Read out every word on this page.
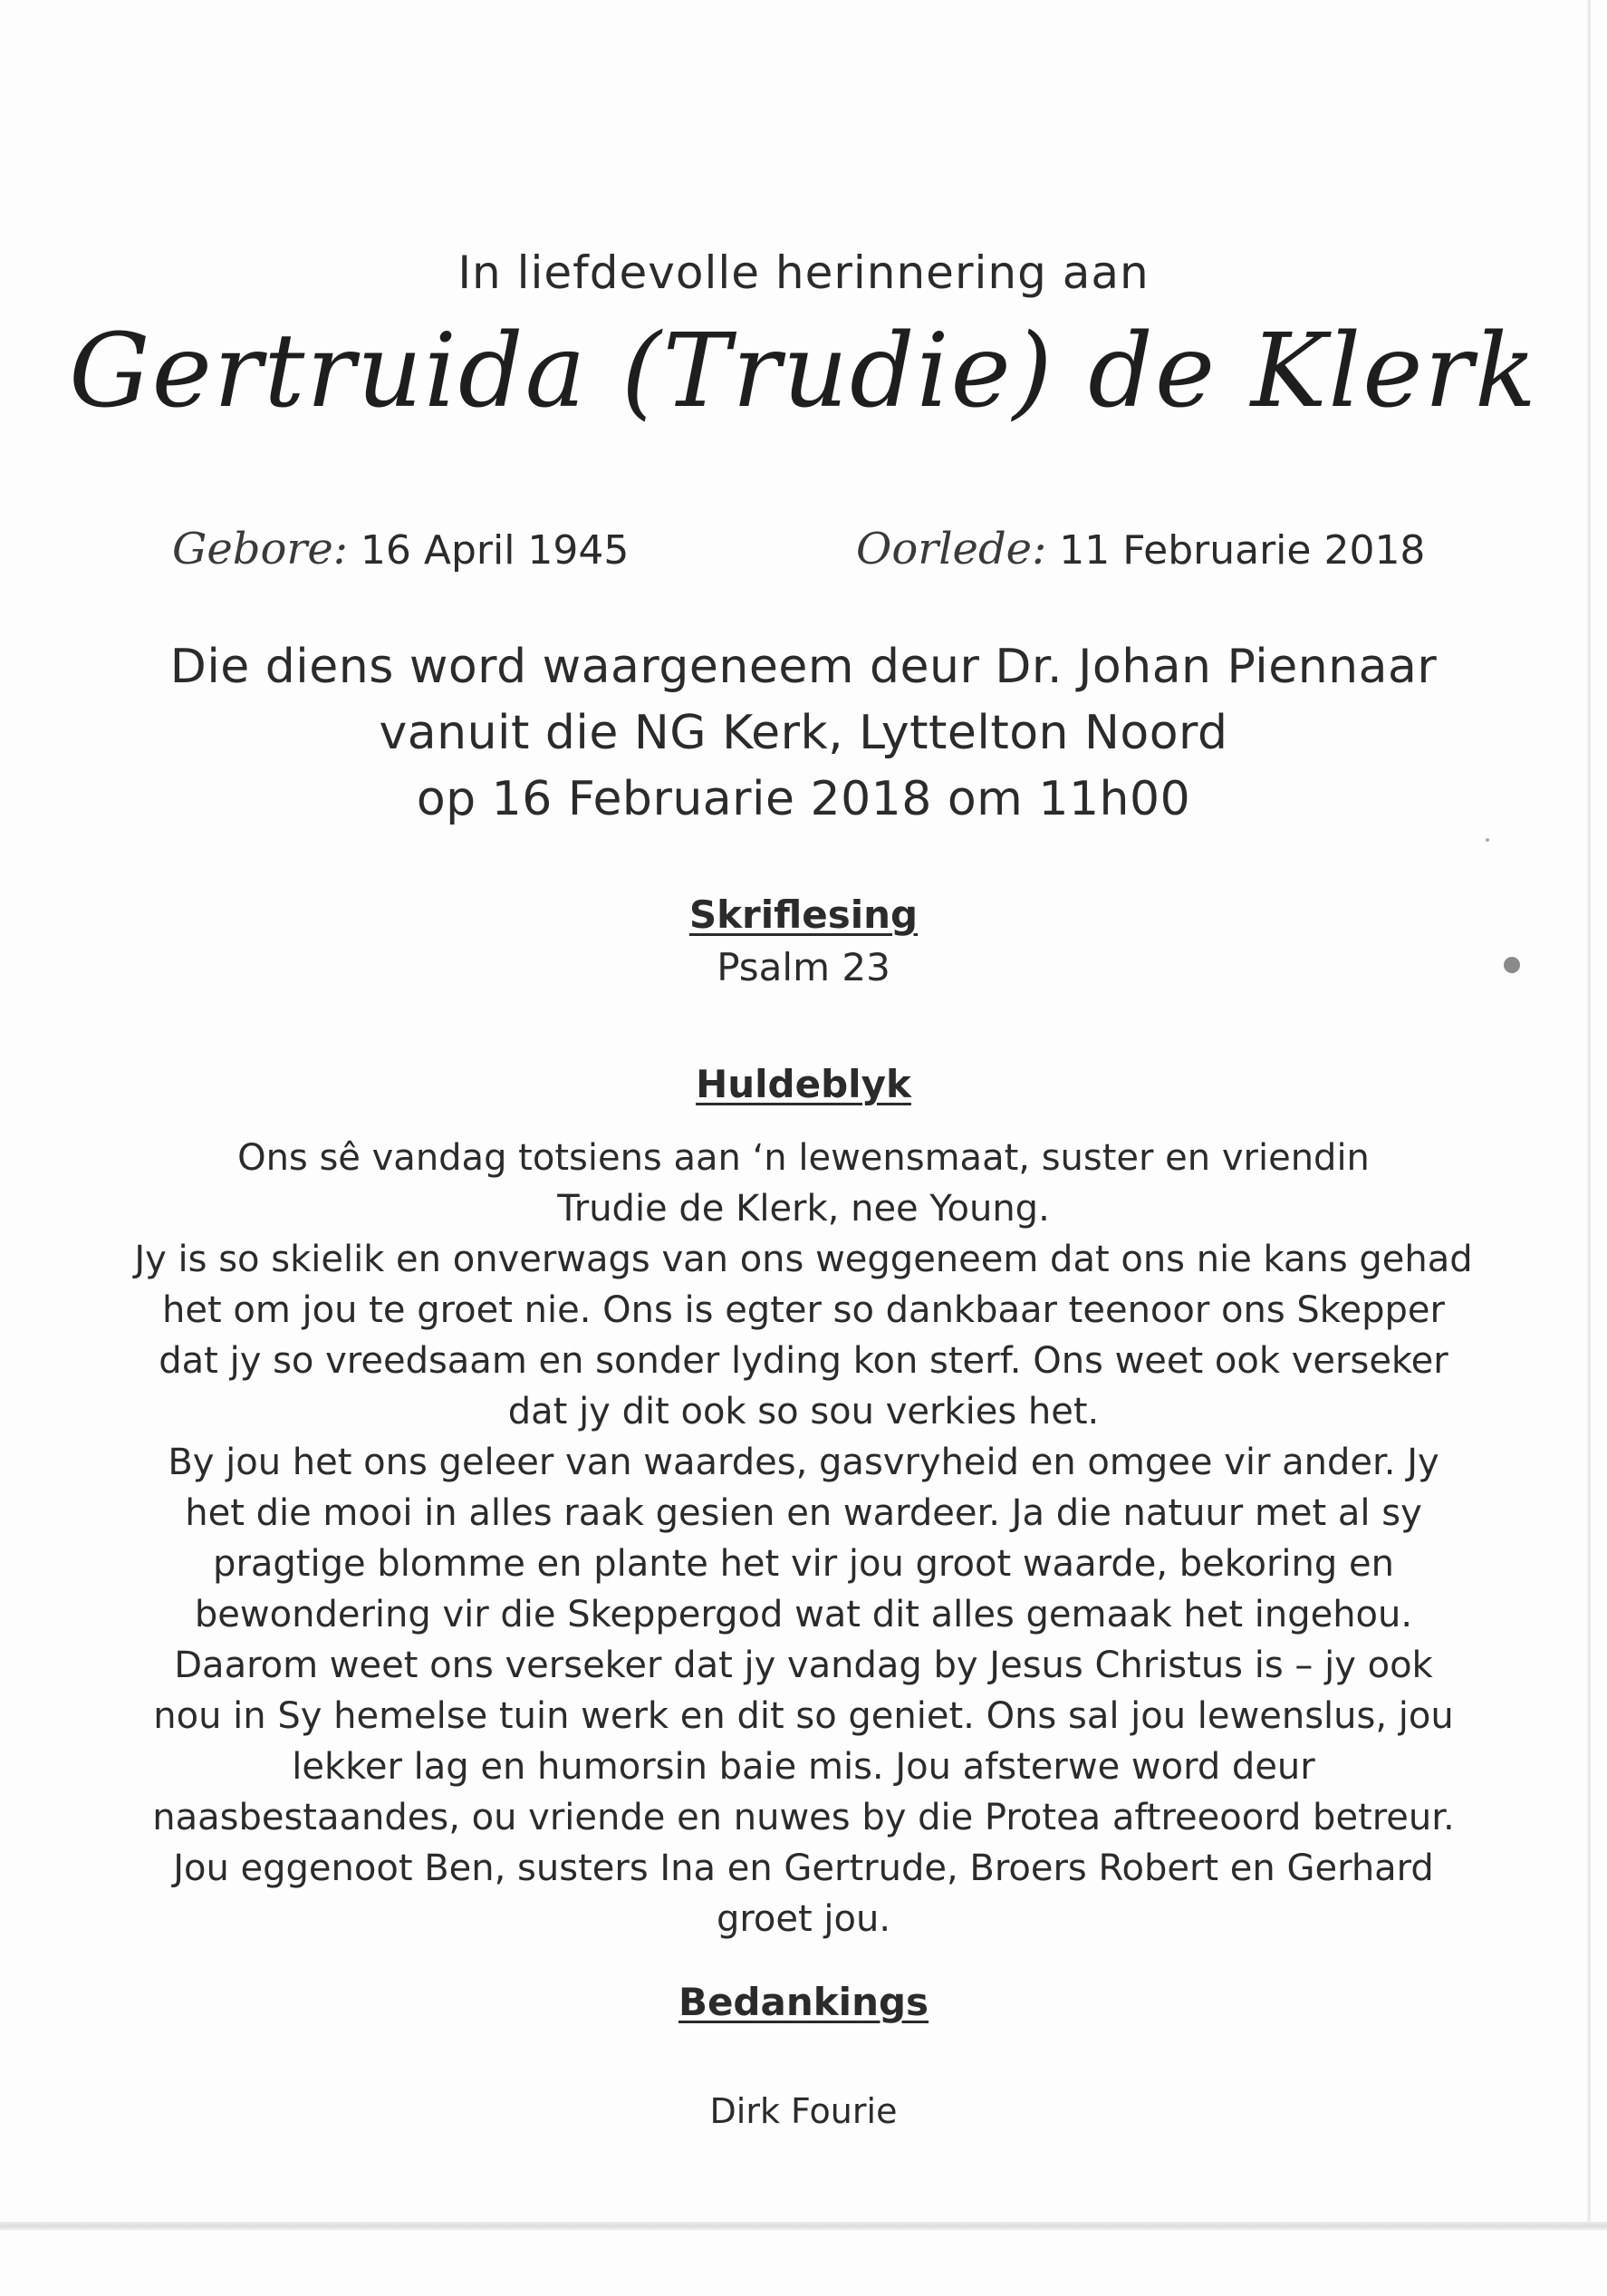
In liefdevolle herinnering aan
Gertruida (Trudie) de Klerk
Gebore: 16 April 1945	Oorlede: 11 Februarie 2018
Die diens word waargeneem deur Dr. Johan Piennaar
vanuit die NG Kerk, Lyttelton Noord
op 16 Februarie 2018 om 11h00
Skriflesing
Psalm 23
Huldeblyk

Ons sê vandag totsiens aan ‘n lewensmaat, suster en vriendin

Trudie de Klerk, nee Young.

Jy is so skielik en onverwags van ons weggeneem dat ons nie kans gehad

het om jou te groet nie. Ons is egter so dankbaar teenoor ons Skepper

dat jy so vreedsaam en sonder lyding kon sterf. Ons weet ook verseker

dat jy dit ook so sou verkies het.

By jou het ons geleer van waardes, gasvryheid en omgee vir ander. Jy

het die mooi in alles raak gesien en wardeer. Ja die natuur met al sy

pragtige blomme en plante het vir jou groot waarde, bekoring en

bewondering vir die Skeppergod wat dit alles gemaak het ingehou.

Daarom weet ons verseker dat jy vandag by Jesus Christus is – jy ook

nou in Sy hemelse tuin werk en dit so geniet. Ons sal jou lewenslus, jou

lekker lag en humorsin baie mis. Jou afsterwe word deur

naasbestaandes, ou vriende en nuwes by die Protea aftreeoord betreur.

Jou eggenoot Ben, susters Ina en Gertrude, Broers Robert en Gerhard

groet jou.

Bedankings
Dirk Fourie
